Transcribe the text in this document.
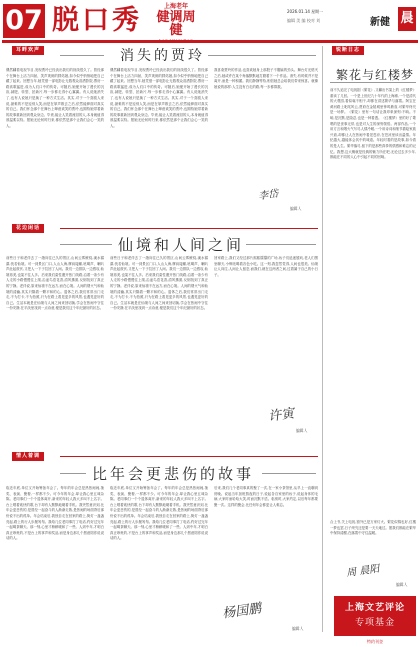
07 脱口秀	上海老年
健调周健
2026.01.14 星期一
编辑 美 编 校对 刘	新健 晨
耳畔欢声	消失的贾玲
偶然翻看电视节目,发现贾玲已经淡出我们的视线很久了。曾经那个在舞台上活力四射、笑声爽朗的胖姑娘,如今似乎悄悄地把自己藏了起来。回想当年,她凭借一部电影让无数观众泪洒影院,票房一路高歌猛进,成为人们口中的传奇。可随后,她便开始了漫长的沉寂,减肥、转型、拍新片,每一步都走得小心翼翼。有人说她消失了,也有人说她只是换了一种方式生活。其实,对于一个喜剧人来说,最难的不是逗别人笑,而是在掌声散去之后,依然能够面对真实的自己。我们怀念那个在舞台上肆意欢笑的贾玲,也期待她带着新的故事重新回到观众身边。毕竟,能让人笑着流泪的人,本身就值得被温柔以待。愿她无论何时归来,都依然是那个让我们会心一笑的人。
偶然翻看电视节目,发现贾玲已经淡出我们的视线很久了。曾经那个在舞台上活力四射、笑声爽朗的胖姑娘,如今似乎悄悄地把自己藏了起来。回想当年,她凭借一部电影让无数观众泪洒影院,票房一路高歌猛进,成为人们口中的传奇。可随后,她便开始了漫长的沉寂,减肥、转型、拍新片,每一步都走得小心翼翼。有人说她消失了,也有人说她只是换了一种方式生活。其实,对于一个喜剧人来说,最难的不是逗别人笑,而是在掌声散去之后,依然能够面对真实的自己。我们怀念那个在舞台上肆意欢笑的贾玲,也期待她带着新的故事重新回到观众身边。毕竟,能让人笑着流泪的人,本身就值得被温柔以待。愿她无论何时归来,都依然是那个让我们会心一笑的人。
我喜欢贾玲的作品,也喜欢她身上那股子不服输的劲头。舞台灯光熄灭之后,她或许在某个角落默默地打磨着下一个作品。消失,有时候并不是离开,而是一种积蓄。我们静静等待,相信她总会给我们带来惊喜。就像她说的那样:人生没有白走的路,每一步都算数。
李岱
编辑人
花边闲话
仙境和人间之间
前些日子和老伴去了一趟向往已久的景区,山间云雾缭绕,溪水潺潺,恍若仙境。可一到景区门口,人山人海,摩肩接踵,吆喝声、喇叭声此起彼伏,又把人一下子拉回了人间。我们一边排队一边感叹,仙境再美,也架不住人多。后来我们索性避开热门线路,沿着一条少有人走的小路慢慢往上爬,沿途鸟语花香,清风拂面,反倒找到了真正的宁静。老伴说,原来仙境不在远方,而在心境。人间的烟火气和仙境的清幽,其实只隔着一颗平和的心。退休之后,我们常常出门走走,不为打卡,不为拍照,只为在路上看见更多的风景,也遇见更好的自己。生活本就是在仙境与人间之间来回切换,学会在热闹中守住一份安静,在平淡里找到一点诗意,便是我们这个年纪最好的状态。
前些日子和老伴去了一趟向往已久的景区,山间云雾缭绕,溪水潺潺,恍若仙境。可一到景区门口,人山人海,摩肩接踵,吆喝声、喇叭声此起彼伏,又把人一下子拉回了人间。我们一边排队一边感叹,仙境再美,也架不住人多。后来我们索性避开热门线路,沿着一条少有人走的小路慢慢往上爬,沿途鸟语花香,清风拂面,反倒找到了真正的宁静。老伴说,原来仙境不在远方,而在心境。人间的烟火气和仙境的清幽,其实只隔着一颗平和的心。退休之后,我们常常出门走走,不为打卡,不为拍照,只为在路上看见更多的风景,也遇见更好的自己。生活本就是在仙境与人间之间来回切换,学会在热闹中守住一份安静,在平淡里找到一点诗意,便是我们这个年纪最好的状态。
回家路上,我们又经过那片熙熙攘攘的广场,孩子们追逐嬉戏,老人们围坐聊天,小贩吆喝着各色小吃。这一刻,我忽然觉得,人间也很美。仙境让人向往,人间让人留恋,而我们,就在这两者之间,过着属于自己的小日子。
许寅
编辑人
情人着调
比年会更悲伤的故事
临近年底,单位又开始筹备年会了。每年的年会总是热热闹闹,抽奖、表演、聚餐,一样都不少。可今年的年会,却让我心里五味杂陈。老同事们一个个退休离开,新来的年轻人我大多叫不上名字。台上唱着欢快的歌,台下却有人默默地刷着手机。我突然意识到,比年会更悲伤的,是曾经一起奋斗的人渐渐走散,是热闹的场面背后那份说不出的孤单。年会结束后,我独自走在回家的路上,街灯一盏盏亮起,路上的行人步履匆匆。我给几位老同事打了电话,约好过完年一起喝茶聊天。那一刻,心里才稍稍暖和了一些。人到中年,才明白真正珍贵的,不是台上的掌声和奖品,而是身边那几个愿意陪你说说话的人。
临近年底,单位又开始筹备年会了。每年的年会总是热热闹闹,抽奖、表演、聚餐,一样都不少。可今年的年会,却让我心里五味杂陈。老同事们一个个退休离开,新来的年轻人我大多叫不上名字。台上唱着欢快的歌,台下却有人默默地刷着手机。我突然意识到,比年会更悲伤的,是曾经一起奋斗的人渐渐走散,是热闹的场面背后那份说不出的孤单。年会结束后,我独自走在回家的路上,街灯一盏盏亮起,路上的行人步履匆匆。我给几位老同事打了电话,约好过完年一起喝茶聊天。那一刻,心里才稍稍暖和了一些。人到中年,才明白真正珍贵的,不是台上的掌声和奖品,而是身边那几个愿意陪你说说话的人。
后来,我们几个老同事真的聚了一次,在一家小茶馆里,从早上一直聊到傍晚。说起当年加班熬夜的日子,说起各自家里的孩子,说起身体的毛病,大家时而哈哈大笑,时而沉默不语。临别时,大家约定,以后每年都要聚一次。这样的聚会,比任何年会都更让人难忘。
杨国鹏
编辑人
锐断日志
繁花与红楼梦
前不久追完了电视剧《繁花》,又翻出书架上的《红楼梦》重读了几回。一个是上世纪九十年代的上海滩,一个是清代的大观园,看似毫不相干,却都在讲述繁华与落寞。阿宝在黄河路上叱咤风云,贾府在金陵城里钟鸣鼎食,可繁华终究是一场梦。《繁花》里有一句话让我印象深刻:不响。不响,是沉默,是隐忍,也是一种看透。《红楼梦》里的好了歌唱的是世事无常,也是对人生的深刻领悟。两部作品,一个用方言和烟火气写尽人情冷暖,一个用诗词和细节描绘家族兴衰,却都让人在热闹中看见苍凉,在苍凉里读出温情。年纪越大,越能体会其中的味道。年轻时看的是故事,如今看的是人生。繁华落尽,留下的是那些真挚的情感和难忘的记忆。我想,这大概就是经典的魅力所在吧,无论过去多少年,都能在不同的人心中引起不同的回响。
合上书,关上电视,窗外已是万家灯火。繁花似锦也好,红楼一梦也罢,日子终究还是要一天天地过。愿我们都能在繁华中保持清醒,在落寞中守住温暖。
周 晨阳
编辑人
上海文艺评论
专项基金
特约刊登
